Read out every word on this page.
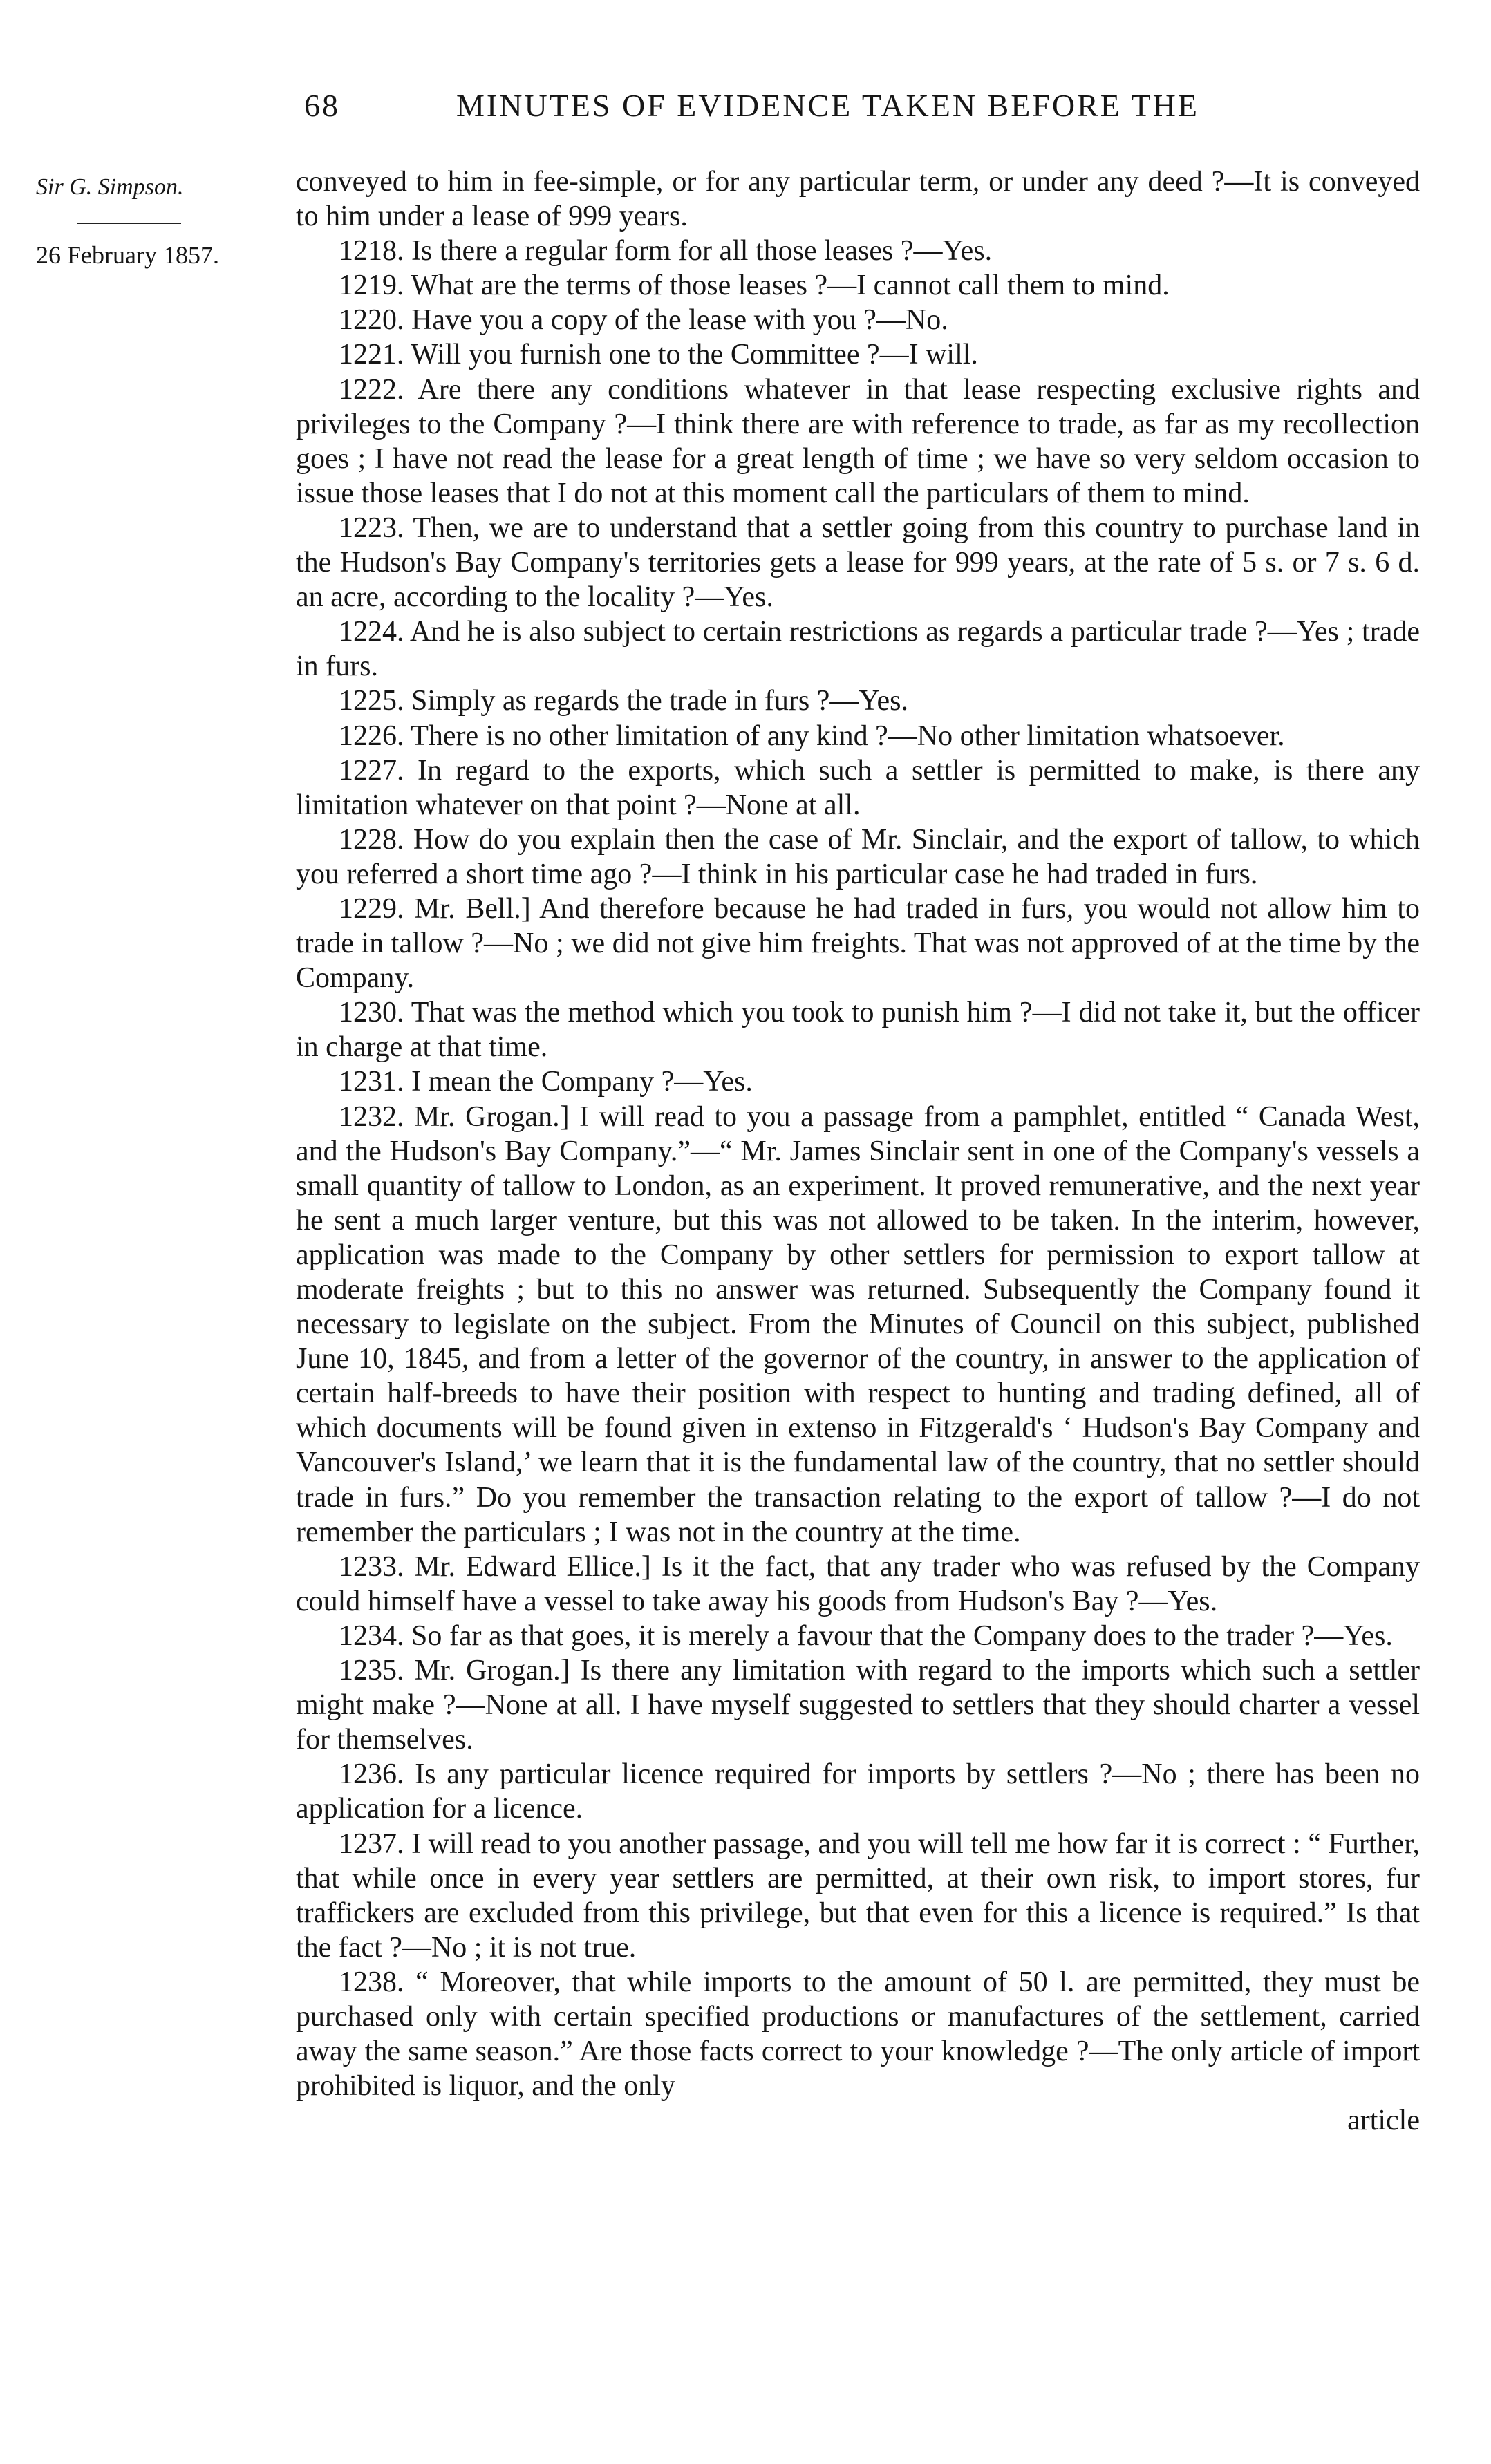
68	MINUTES OF EVIDENCE TAKEN BEFORE THE
Sir G. Simpson.
26 February 1857.

conveyed to him in fee-simple, or for any particular term, or under any deed ?—It is conveyed to him under a lease of 999 years.

1218. Is there a regular form for all those leases ?—Yes.

1219. What are the terms of those leases ?—I cannot call them to mind.

1220. Have you a copy of the lease with you ?—No.

1221. Will you furnish one to the Committee ?—I will.

1222. Are there any conditions whatever in that lease respecting exclusive rights and privileges to the Company ?—I think there are with reference to trade, as far as my recollection goes ; I have not read the lease for a great length of time ; we have so very seldom occasion to issue those leases that I do not at this moment call the particulars of them to mind.

1223. Then, we are to understand that a settler going from this country to purchase land in the Hudson's Bay Company's territories gets a lease for 999 years, at the rate of 5 s. or 7 s. 6 d. an acre, according to the locality ?—Yes.

1224. And he is also subject to certain restrictions as regards a particular trade ?—Yes ; trade in furs.

1225. Simply as regards the trade in furs ?—Yes.

1226. There is no other limitation of any kind ?—No other limitation whatsoever.

1227. In regard to the exports, which such a settler is permitted to make, is there any limitation whatever on that point ?—None at all.

1228. How do you explain then the case of Mr. Sinclair, and the export of tallow, to which you referred a short time ago ?—I think in his particular case he had traded in furs.

1229. Mr. Bell.] And therefore because he had traded in furs, you would not allow him to trade in tallow ?—No ; we did not give him freights. That was not approved of at the time by the Company.

1230. That was the method which you took to punish him ?—I did not take it, but the officer in charge at that time.

1231. I mean the Company ?—Yes.

1232. Mr. Grogan.] I will read to you a passage from a pamphlet, entitled “ Canada West, and the Hudson's Bay Company.”—“ Mr. James Sinclair sent in one of the Company's vessels a small quantity of tallow to London, as an experiment. It proved remunerative, and the next year he sent a much larger venture, but this was not allowed to be taken. In the interim, however, application was made to the Company by other settlers for permission to export tallow at moderate freights ; but to this no answer was returned. Subsequently the Company found it necessary to legislate on the subject. From the Minutes of Council on this subject, published June 10, 1845, and from a letter of the governor of the country, in answer to the application of certain half-breeds to have their position with respect to hunting and trading defined, all of which documents will be found given in extenso in Fitzgerald's ‘ Hudson's Bay Company and Vancouver's Island,’ we learn that it is the fundamental law of the country, that no settler should trade in furs.” Do you remember the transaction relating to the export of tallow ?—I do not remember the particulars ; I was not in the country at the time.

1233. Mr. Edward Ellice.] Is it the fact, that any trader who was refused by the Company could himself have a vessel to take away his goods from Hudson's Bay ?—Yes.

1234. So far as that goes, it is merely a favour that the Company does to the trader ?—Yes.

1235. Mr. Grogan.] Is there any limitation with regard to the imports which such a settler might make ?—None at all. I have myself suggested to settlers that they should charter a vessel for themselves.

1236. Is any particular licence required for imports by settlers ?—No ; there has been no application for a licence.

1237. I will read to you another passage, and you will tell me how far it is correct : “ Further, that while once in every year settlers are permitted, at their own risk, to import stores, fur traffickers are excluded from this privilege, but that even for this a licence is required.” Is that the fact ?—No ; it is not true.

1238. “ Moreover, that while imports to the amount of 50 l. are permitted, they must be purchased only with certain specified productions or manufactures of the settlement, carried away the same season.” Are those facts correct to your knowledge ?—The only article of import prohibited is liquor, and the only

article
